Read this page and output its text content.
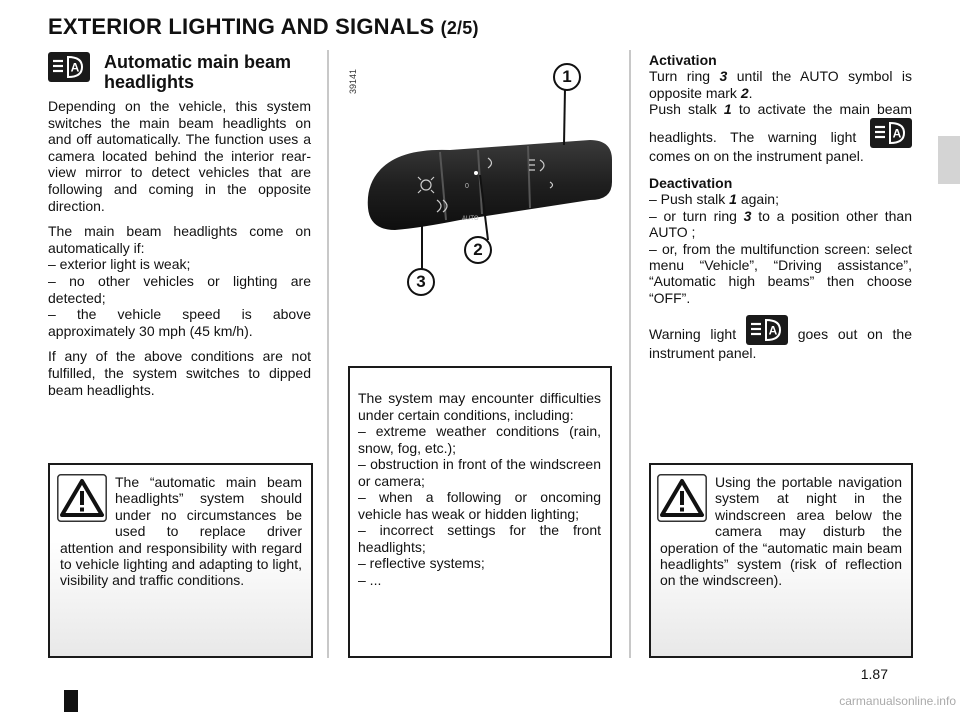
EXTERIOR LIGHTING AND SIGNALS (2/5)
A Automatic main beam headlights

Depending on the vehicle, this system switches the main beam headlights on and off automatically. The function uses a camera located behind the interior rear-view mirror to detect vehicles that are following and coming in the opposite direction.

The main beam headlights come on automatically if:
– exterior light is weak;
– no other vehicles or lighting are detected;
– the vehicle speed is above approximately 30 mph (45 km/h).

If any of the above conditions are not fulfilled, the system switches to dipped beam headlights.

The “automatic main beam headlights” system should under no circumstances be used to replace driver attention and responsibility with regard to vehicle lighting and adapting to light, visibility and traffic conditions.
39141
0
AUTO
1
2
3
The system may encounter difficulties under certain conditions, including:
– extreme weather conditions (rain, snow, fog, etc.);
– obstruction in front of the windscreen or camera;
– when a following or oncoming vehicle has weak or hidden lighting;
– incorrect settings for the front headlights;
– reflective systems;
– ...
Activation
Turn ring 3 until the AUTO symbol is opposite mark 2.
Push stalk 1 to activate the main beam headlights. The warning light A
comes on on the instrument panel.
Deactivation
– Push stalk 1 again;
– or turn ring 3 to a position other than AUTO ;
– or, from the multifunction screen: select menu “Vehicle”, “Driving assistance”, “Automatic high beams” then choose “OFF”.
Warning light A goes out on the instrument panel.
Using the portable navigation system at night in the windscreen area below the camera may disturb the operation of the “automatic main beam headlights” system (risk of reflection on the windscreen).
1.87
carmanualsonline.info
